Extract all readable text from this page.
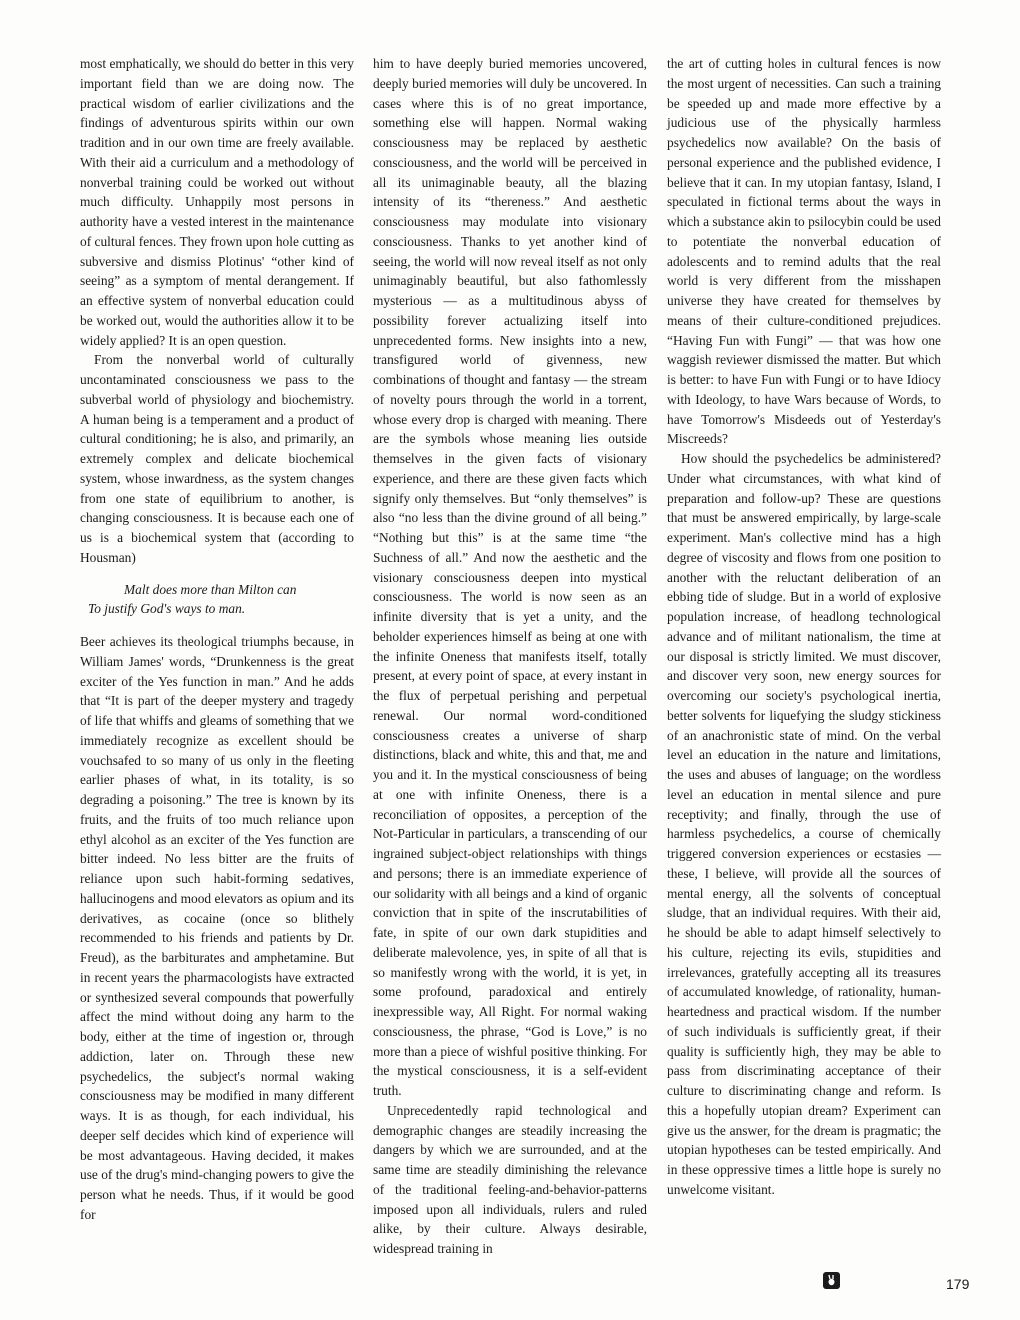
most emphatically, we should do better in this very important field than we are doing now. The practical wisdom of earlier civilizations and the findings of adventurous spirits within our own tradition and in our own time are freely available. With their aid a curriculum and a methodology of nonverbal training could be worked out without much difficulty. Unhappily most persons in authority have a vested interest in the maintenance of cultural fences. They frown upon hole cutting as subversive and dismiss Plotinus' “other kind of seeing” as a symptom of mental derangement. If an effective system of nonverbal education could be worked out, would the authorities allow it to be widely applied? It is an open question.

From the nonverbal world of culturally uncontaminated consciousness we pass to the subverbal world of physiology and biochemistry. A human being is a temperament and a product of cultural conditioning; he is also, and primarily, an extremely complex and delicate biochemical system, whose inwardness, as the system changes from one state of equilibrium to another, is changing consciousness. It is because each one of us is a biochemical system that (according to Housman)

Malt does more than Milton can
To justify God's ways to man.

Beer achieves its theological triumphs because, in William James' words, “Drunkenness is the great exciter of the Yes function in man.” And he adds that “It is part of the deeper mystery and tragedy of life that whiffs and gleams of something that we immediately recognize as excellent should be vouchsafed to so many of us only in the fleeting earlier phases of what, in its totality, is so degrading a poisoning.” The tree is known by its fruits, and the fruits of too much reliance upon ethyl alcohol as an exciter of the Yes function are bitter indeed. No less bitter are the fruits of reliance upon such habit-forming sedatives, hallucinogens and mood elevators as opium and its derivatives, as cocaine (once so blithely recommended to his friends and patients by Dr. Freud), as the barbiturates and amphetamine. But in recent years the pharmacologists have extracted or synthesized several compounds that powerfully affect the mind without doing any harm to the body, either at the time of ingestion or, through addiction, later on. Through these new psychedelics, the subject's normal waking consciousness may be modified in many different ways. It is as though, for each individual, his deeper self decides which kind of experience will be most advantageous. Having decided, it makes use of the drug's mind-changing powers to give the person what he needs. Thus, if it would be good for

him to have deeply buried memories uncovered, deeply buried memories will duly be uncovered. In cases where this is of no great importance, something else will happen. Normal waking consciousness may be replaced by aesthetic consciousness, and the world will be perceived in all its unimaginable beauty, all the blazing intensity of its “thereness.” And aesthetic consciousness may modulate into visionary consciousness. Thanks to yet another kind of seeing, the world will now reveal itself as not only unimaginably beautiful, but also fathomlessly mysterious — as a multitudinous abyss of possibility forever actualizing itself into unprecedented forms. New insights into a new, transfigured world of givenness, new combinations of thought and fantasy — the stream of novelty pours through the world in a torrent, whose every drop is charged with meaning. There are the symbols whose meaning lies outside themselves in the given facts of visionary experience, and there are these given facts which signify only themselves. But “only themselves” is also “no less than the divine ground of all being.” “Nothing but this” is at the same time “the Suchness of all.” And now the aesthetic and the visionary consciousness deepen into mystical consciousness. The world is now seen as an infinite diversity that is yet a unity, and the beholder experiences himself as being at one with the infinite Oneness that manifests itself, totally present, at every point of space, at every instant in the flux of perpetual perishing and perpetual renewal. Our normal word-conditioned consciousness creates a universe of sharp distinctions, black and white, this and that, me and you and it. In the mystical consciousness of being at one with infinite Oneness, there is a reconciliation of opposites, a perception of the Not-Particular in particulars, a transcending of our ingrained subject-object relationships with things and persons; there is an immediate experience of our solidarity with all beings and a kind of organic conviction that in spite of the inscrutabilities of fate, in spite of our own dark stupidities and deliberate malevolence, yes, in spite of all that is so manifestly wrong with the world, it is yet, in some profound, paradoxical and entirely inexpressible way, All Right. For normal waking consciousness, the phrase, “God is Love,” is no more than a piece of wishful positive thinking. For the mystical consciousness, it is a self-evident truth.

Unprecedentedly rapid technological and demographic changes are steadily increasing the dangers by which we are surrounded, and at the same time are steadily diminishing the relevance of the traditional feeling-and-behavior-patterns imposed upon all individuals, rulers and ruled alike, by their culture. Always desirable, widespread training in

the art of cutting holes in cultural fences is now the most urgent of necessities. Can such a training be speeded up and made more effective by a judicious use of the physically harmless psychedelics now available? On the basis of personal experience and the published evidence, I believe that it can. In my utopian fantasy, Island, I speculated in fictional terms about the ways in which a substance akin to psilocybin could be used to potentiate the nonverbal education of adolescents and to remind adults that the real world is very different from the misshapen universe they have created for themselves by means of their culture-conditioned prejudices. “Having Fun with Fungi” — that was how one waggish reviewer dismissed the matter. But which is better: to have Fun with Fungi or to have Idiocy with Ideology, to have Wars because of Words, to have Tomorrow's Misdeeds out of Yesterday's Miscreeds?

How should the psychedelics be administered? Under what circumstances, with what kind of preparation and follow-up? These are questions that must be answered empirically, by large-scale experiment. Man's collective mind has a high degree of viscosity and flows from one position to another with the reluctant deliberation of an ebbing tide of sludge. But in a world of explosive population increase, of headlong technological advance and of militant nationalism, the time at our disposal is strictly limited. We must discover, and discover very soon, new energy sources for overcoming our society's psychological inertia, better solvents for liquefying the sludgy stickiness of an anachronistic state of mind. On the verbal level an education in the nature and limitations, the uses and abuses of language; on the wordless level an education in mental silence and pure receptivity; and finally, through the use of harmless psychedelics, a course of chemically triggered conversion experiences or ecstasies — these, I believe, will provide all the sources of mental energy, all the solvents of conceptual sludge, that an individual requires. With their aid, he should be able to adapt himself selectively to his culture, rejecting its evils, stupidities and irrelevances, gratefully accepting all its treasures of accumulated knowledge, of rationality, human-heartedness and practical wisdom. If the number of such individuals is sufficiently great, if their quality is sufficiently high, they may be able to pass from discriminating acceptance of their culture to discriminating change and reform. Is this a hopefully utopian dream? Experiment can give us the answer, for the dream is pragmatic; the utopian hypotheses can be tested empirically. And in these oppressive times a little hope is surely no unwelcome visitant.

179
